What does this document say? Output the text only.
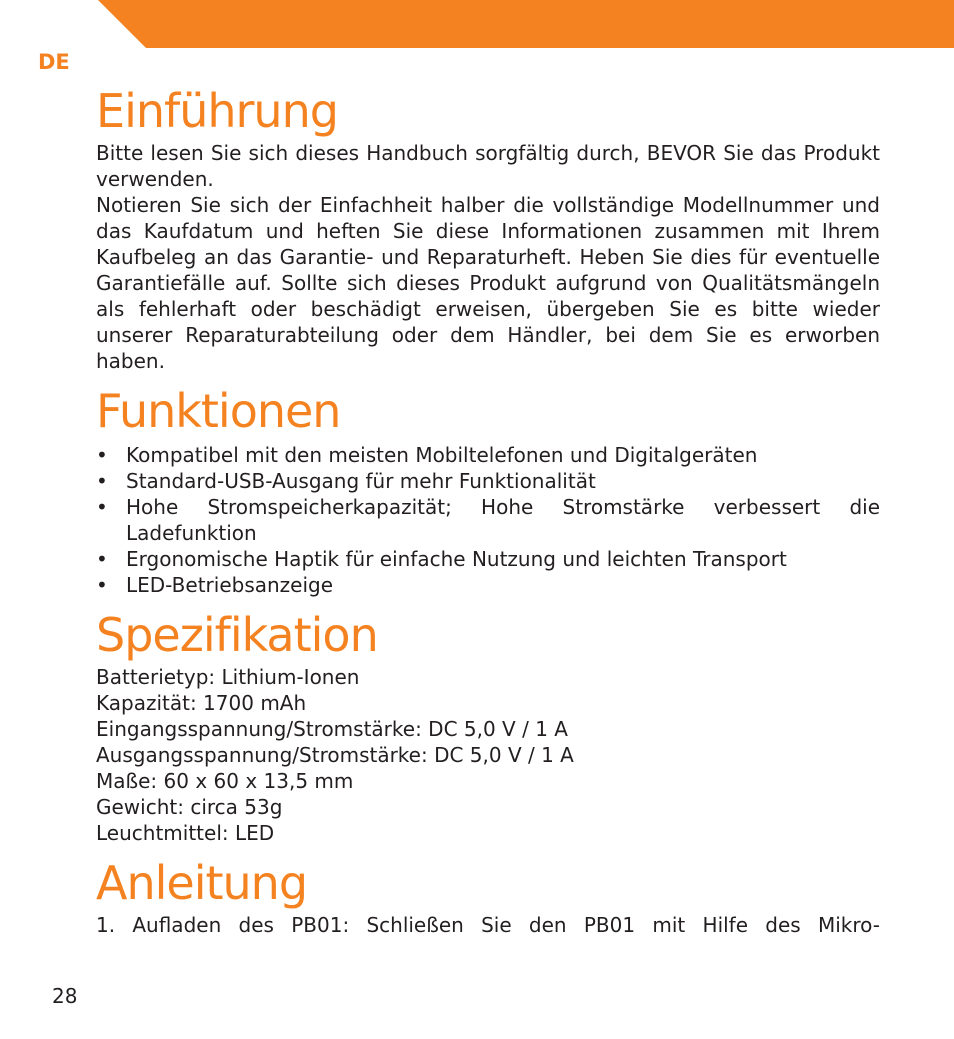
DE
Einführung

Bitte lesen Sie sich dieses Handbuch sorgfältig durch, BEVOR Sie das Produkt verwenden.

Notieren Sie sich der Einfachheit halber die vollständige Modellnummer und das Kaufdatum und heften Sie diese Informationen zusammen mit Ihrem Kaufbeleg an das Garantie- und Reparaturheft. Heben Sie dies für eventuelle Garantiefälle auf. Sollte sich dieses Produkt aufgrund von Qualitätsmängeln als fehlerhaft oder beschädigt erweisen, übergeben Sie es bitte wieder unserer Reparaturabteilung oder dem Händler, bei dem Sie es erworben haben.

Funktionen
• Kompatibel mit den meisten Mobiltelefonen und Digitalgeräten
• Standard-USB-Ausgang für mehr Funktionalität
• Hohe Stromspeicherkapazität; Hohe Stromstärke verbessert die Ladefunktion
• Ergonomische Haptik für einfache Nutzung und leichten Transport
• LED-Betriebsanzeige
Spezifikation
Batterietyp: Lithium-Ionen
Kapazität: 1700 mAh
Eingangsspannung/Stromstärke: DC 5,0 V / 1 A
Ausgangsspannung/Stromstärke: DC 5,0 V / 1 A
Maße: 60 x 60 x 13,5 mm
Gewicht: circa 53g
Leuchtmittel: LED
Anleitung

1. Aufladen des PB01: Schließen Sie den PB01 mit Hilfe des Mikro-

28
